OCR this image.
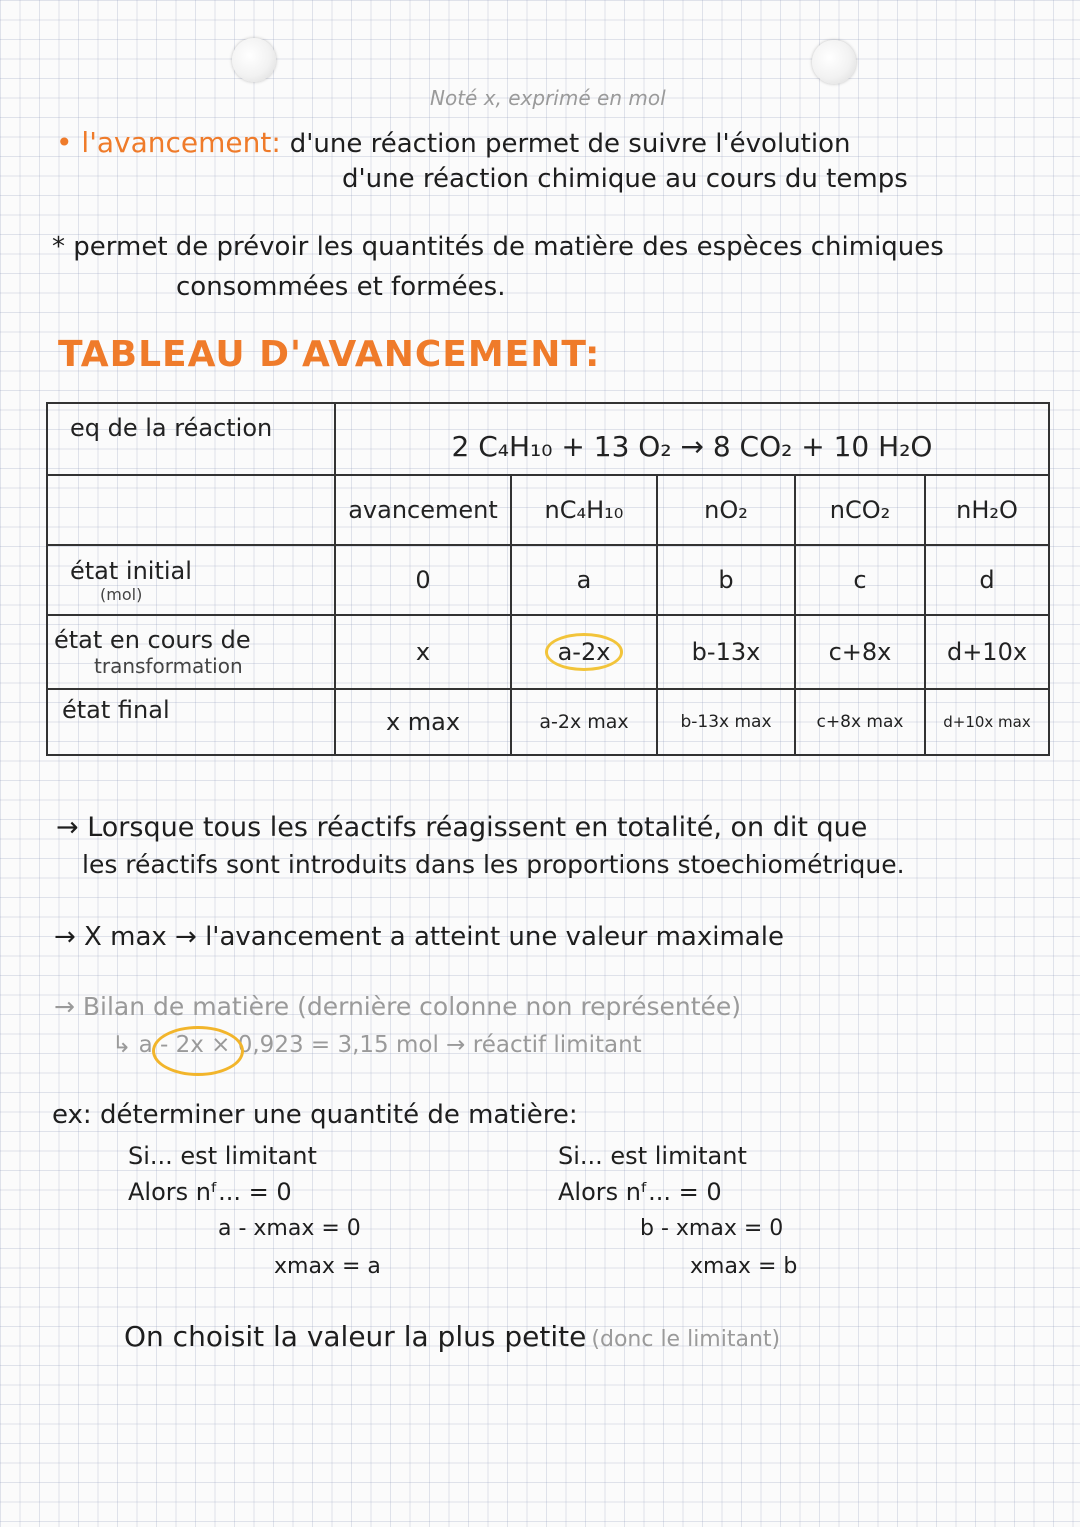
Noté x, exprimé en mol
• l'avancement: d'une réaction permet de suivre l'évolution
d'une réaction chimique au cours du temps
* permet de prévoir les quantités de matière des espèces chimiques
consommées et formées.
TABLEAU D'AVANCEMENT:
eq de la réaction	2 C₄H₁₀ + 13 O₂ → 8 CO₂ + 10 H₂O				
	avancement	nC₄H₁₀	nO₂	nCO₂	nH₂O
état initial
(mol)	0	a	b	c	d
état en cours de
transformation	x	a-2x	b-13x	c+8x	d+10x
état final	x max	a-2x max	b-13x max	c+8x max	d+10x max
→ Lorsque tous les réactifs réagissent en totalité, on dit que
les réactifs sont introduits dans les proportions stoechiométrique.
→ X max → l'avancement a atteint une valeur maximale
→ Bilan de matière (dernière colonne non représentée)
↳ a - 2x × 0,923 = 3,15 mol → réactif limitant
ex: déterminer une quantité de matière:
Si... est limitant
Alors nᶠ... = 0
a - xmax = 0
xmax = a
Si... est limitant
Alors nᶠ... = 0
b - xmax = 0
xmax = b
On choisit la valeur la plus petite (donc le limitant)
